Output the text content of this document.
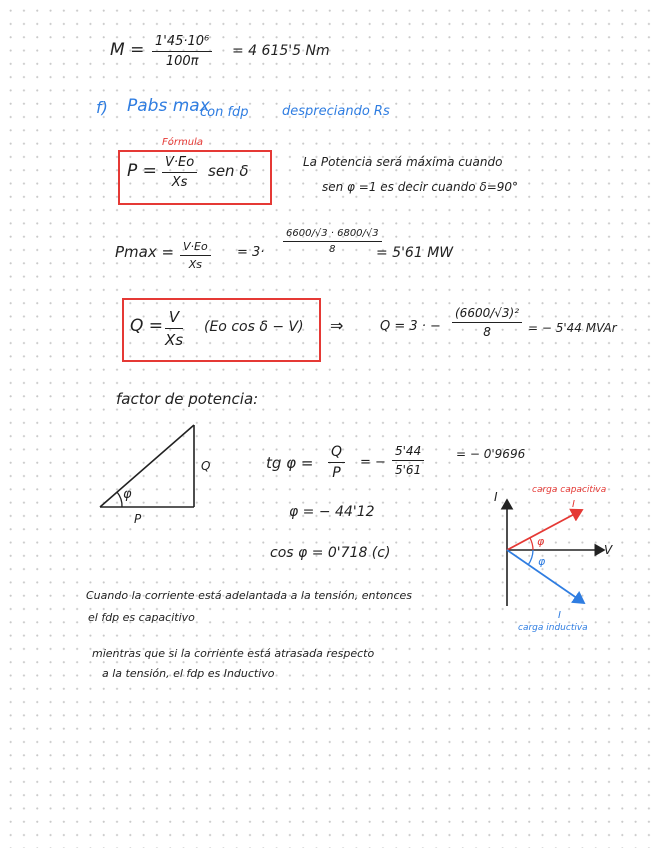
$M = \frac{\text{1'45·10⁶}}{100\pi} = 4$ 615'5 Nm
f) Pabs max
con fdp	despreciando Rs
Fórmula
$P = \frac{V\cdot Eo}{Xs}$ sen δ	La Potencia será máxima cuando
sen φ =1 es decir cuando δ=90°
$Pmax = \frac{V\cdot Eo}{Xs} = 3\cdot \frac{6600/√3 \cdot 6800/√3}{8}$
= 5'61 MW
$Q = \frac{V}{Xs} (Eo$ cos δ − V) ⇒	Q = 3 · − $\frac{\text{(6600/√3)²}}{8}$ = − 5'44 MVAr
factor de potencia:
Q
P
φ
tg $\varphi = \frac{Q}{P}$ = − $\frac{5'44}{5'61}$	= − 0'9696
φ = − 44'12
cos φ = 0'718 (c)
I
V
carga capacitiva
I
φ
φ
I
carga inductiva
Cuando la corriente está adelantada a la tensión, entonces
el fdp es capacitivo
mientras que si la corriente está atrasada respecto
a la tensión, el fdp es Inductivo
